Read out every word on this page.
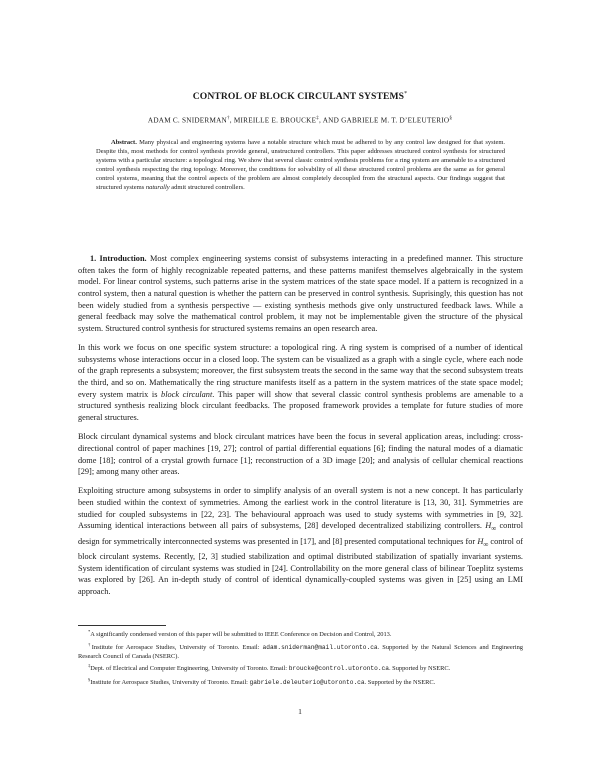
CONTROL OF BLOCK CIRCULANT SYSTEMS*
ADAM C. SNIDERMAN†, MIREILLE E. BROUCKE‡, AND GABRIELE M. T. D’ELEUTERIO§
Abstract. Many physical and engineering systems have a notable structure which must be adhered to by any control law designed for that system. Despite this, most methods for control synthesis provide general, unstructured controllers. This paper addresses structured control synthesis for structured systems with a particular structure: a topological ring. We show that several classic control synthesis problems for a ring system are amenable to a structured control synthesis respecting the ring topology. Moreover, the conditions for solvability of all these structured control problems are the same as for general control systems, meaning that the control aspects of the problem are almost completely decoupled from the structural aspects. Our findings suggest that structured systems naturally admit structured controllers.

1. Introduction. Most complex engineering systems consist of subsystems interacting in a predefined manner. This structure often takes the form of highly recognizable repeated patterns, and these patterns manifest themselves algebraically in the system model. For linear control systems, such patterns arise in the system matrices of the state space model. If a pattern is recognized in a control system, then a natural question is whether the pattern can be preserved in control synthesis. Suprisingly, this question has not been widely studied from a synthesis perspective — existing synthesis methods give only unstructured feedback laws. While a general feedback may solve the mathematical control problem, it may not be implementable given the structure of the physical system. Structured control synthesis for structured systems remains an open research area.

In this work we focus on one specific system structure: a topological ring. A ring system is comprised of a number of identical subsystems whose interactions occur in a closed loop. The system can be visualized as a graph with a single cycle, where each node of the graph represents a subsystem; moreover, the first subsystem treats the second in the same way that the second subsystem treats the third, and so on. Mathematically the ring structure manifests itself as a pattern in the system matrices of the state space model; every system matrix is block circulant. This paper will show that several classic control synthesis problems are amenable to a structured synthesis realizing block circulant feedbacks. The proposed framework provides a template for future studies of more general structures.

Block circulant dynamical systems and block circulant matrices have been the focus in several application areas, including: cross-directional control of paper machines [19, 27]; control of partial differential equations [6]; finding the natural modes of a diamatic dome [18]; control of a crystal growth furnace [1]; reconstruction of a 3D image [20]; and analysis of cellular chemical reactions [29]; among many other areas.

Exploiting structure among subsystems in order to simplify analysis of an overall system is not a new concept. It has particularly been studied within the context of symmetries. Among the earliest work in the control literature is [13, 30, 31]. Symmetries are studied for coupled subsystems in [22, 23]. The behavioural approach was used to study systems with symmetries in [9, 32]. Assuming identical interactions between all pairs of subsystems, [28] developed decentralized stabilizing controllers. $H_\infty$ control design for symmetrically interconnected systems was presented in [17], and [8] presented computational techniques for $H_\infty$ control of block circulant systems. Recently, [2, 3] studied stabilization and optimal distributed stabilization of spatially invariant systems. System identification of circulant systems was studied in [24]. Controllability on the more general class of bilinear Toeplitz systems was explored by [26]. An in-depth study of control of identical dynamically-coupled systems was given in [25] using an LMI approach.

*A significantly condensed version of this paper will be submitted to IEEE Conference on Decision and Control, 2013.
†Institute for Aerospace Studies, University of Toronto. Email: adam.sniderman@mail.utoronto.ca. Supported by the Natural Sciences and Engineering Research Council of Canada (NSERC).
‡Dept. of Electrical and Computer Engineering, University of Toronto. Email: broucke@control.utoronto.ca. Supported by NSERC.
§Institute for Aerospace Studies, University of Toronto. Email: gabriele.deleuterio@utoronto.ca. Supported by the NSERC.
1
